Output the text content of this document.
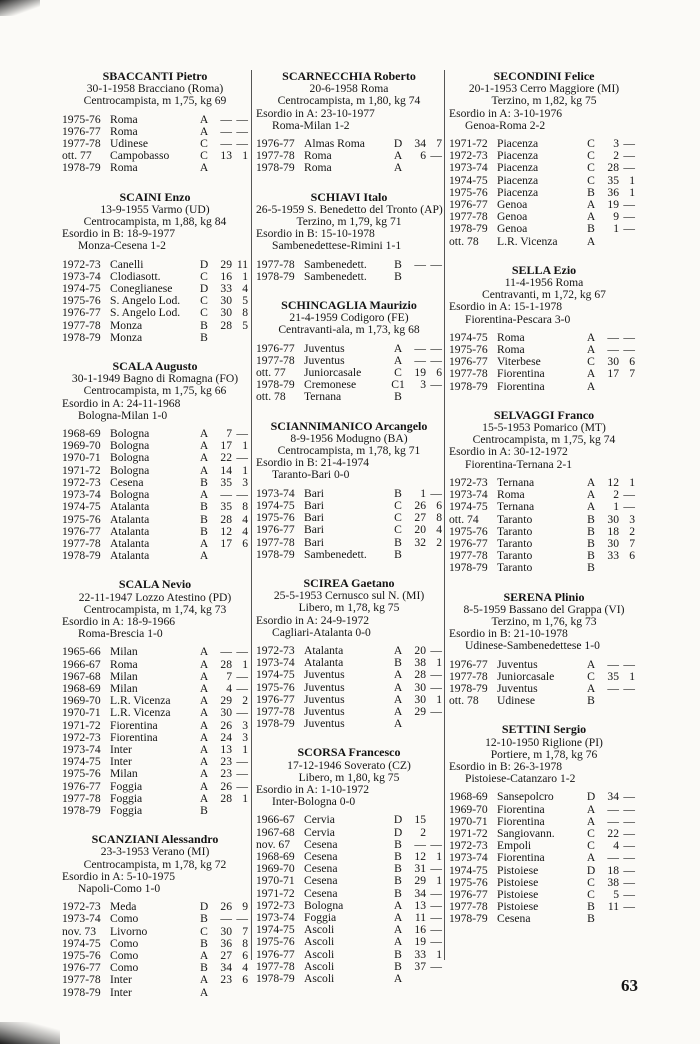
SBACCANTI Pietro
30-1-1958 Bracciano (Roma)
Centrocampista, m 1,75, kg 69
1975-76 Roma	A	— —
1976-77 Roma	A	— —
1977-78 Udinese	C	— —
ott. 77	Campobasso	C	13 1
1978-79 Roma	A
SCAINI Enzo
13-9-1955 Varmo (UD)
Centrocampista, m 1,88, kg 84
Esordio in B: 18-9-1977
Monza-Cesena 1-2
1972-73 Canelli	D	29 11
1973-74 Clodiasott.	C	16 1
1974-75 Coneglianese	D	33 4
1975-76 S. Angelo Lod.	C	30 5
1976-77 S. Angelo Lod.	C	30 8
1977-78 Monza	B	28 5
1978-79 Monza	B
SCALA Augusto
30-1-1949 Bagno di Romagna (FO)
Centrocampista, m 1,75, kg 66
Esordio in A: 24-11-1968
Bologna-Milan 1-0
1968-69 Bologna	A	7 —
1969-70 Bologna	A	17 1
1970-71 Bologna	A	22 —
1971-72 Bologna	A	14 1
1972-73 Cesena	B	35 3
1973-74 Bologna	A	— —
1974-75 Atalanta	B	35 8
1975-76 Atalanta	B	28 4
1976-77 Atalanta	B	12 4
1977-78 Atalanta	A	17 6
1978-79 Atalanta	A
SCALA Nevio
22-11-1947 Lozzo Atestino (PD)
Centrocampista, m 1,74, kg 73
Esordio in A: 18-9-1966
Roma-Brescia 1-0
1965-66 Milan	A	— —
1966-67 Roma	A	28 1
1967-68 Milan	A	7 —
1968-69 Milan	A	4 —
1969-70 L.R. Vicenza	A	29 2
1970-71 L.R. Vicenza	A	30 —
1971-72 Fiorentina	A	26 3
1972-73 Fiorentina	A	24 3
1973-74 Inter	A	13 1
1974-75 Inter	A	23 —
1975-76 Milan	A	23 —
1976-77 Foggia	A	26 —
1977-78 Foggia	A	28 1
1978-79 Foggia	B
SCANZIANI Alessandro
23-3-1953 Verano (MI)
Centrocampista, m 1,78, kg 72
Esordio in A: 5-10-1975
Napoli-Como 1-0
1972-73 Meda	D	26 9
1973-74 Como	B	— —
nov. 73	Livorno	C	30 7
1974-75 Como	B	36 8
1975-76 Como	A	27 6
1976-77 Como	B	34 4
1977-78 Inter	A	23 6
1978-79 Inter	A
SCARNECCHIA Roberto
20-6-1958 Roma
Centrocampista, m 1,80, kg 74
Esordio in A: 23-10-1977
Roma-Milan 1-2
1976-77 Almas Roma	D	34 7
1977-78 Roma	A	6 —
1978-79 Roma	A
SCHIAVI Italo
26-5-1959 S. Benedetto del Tronto (AP)
Terzino, m 1,79, kg 71
Esordio in B: 15-10-1978
Sambenedettese-Rimini 1-1
1977-78 Sambenedett.	B	— —
1978-79 Sambenedett.	B
SCHINCAGLIA Maurizio
21-4-1959 Codigoro (FE)
Centravanti-ala, m 1,73, kg 68
1976-77 Juventus	A	— —
1977-78 Juventus	A	— —
ott. 77	Juniorcasale	C	19 6
1978-79 Cremonese	C1	3 —
ott. 78	Ternana	B
SCIANNIMANICO Arcangelo
8-9-1956 Modugno (BA)
Centrocampista, m 1,78, kg 71
Esordio in B: 21-4-1974
Taranto-Bari 0-0
1973-74 Bari	B	1 —
1974-75 Bari	C	26 6
1975-76 Bari	C	27 8
1976-77 Bari	C	20 4
1977-78 Bari	B	32 2
1978-79 Sambenedett.	B
SCIREA Gaetano
25-5-1953 Cernusco sul N. (MI)
Libero, m 1,78, kg 75
Esordio in A: 24-9-1972
Cagliari-Atalanta 0-0
1972-73 Atalanta	A	20 —
1973-74 Atalanta	B	38 1
1974-75 Juventus	A	28 —
1975-76 Juventus	A	30 —
1976-77 Juventus	A	30 1
1977-78 Juventus	A	29 —
1978-79 Juventus	A
SCORSA Francesco
17-12-1946 Soverato (CZ)
Libero, m 1,80, kg 75
Esordio in A: 1-10-1972
Inter-Bologna 0-0
1966-67 Cervia	D	15
1967-68 Cervia	D	2
nov. 67	Cesena	B	— —
1968-69 Cesena	B	12 1
1969-70 Cesena	B	31 —
1970-71 Cesena	B	29 1
1971-72 Cesena	B	34 —
1972-73 Bologna	A	13 —
1973-74 Foggia	A	11 —
1974-75 Ascoli	A	16 —
1975-76 Ascoli	A	19 —
1976-77 Ascoli	B	33 1
1977-78 Ascoli	B	37 —
1978-79 Ascoli	A
SECONDINI Felice
20-1-1953 Cerro Maggiore (MI)
Terzino, m 1,82, kg 75
Esordio in A: 3-10-1976
Genoa-Roma 2-2
1971-72 Piacenza	C	3 —
1972-73 Piacenza	C	2 —
1973-74 Piacenza	C	28 —
1974-75 Piacenza	C	35 1
1975-76 Piacenza	B	36 1
1976-77 Genoa	A	19 —
1977-78 Genoa	A	9 —
1978-79 Genoa	B	1 —
ott. 78	L.R. Vicenza	A
SELLA Ezio
11-4-1956 Roma
Centravanti, m 1,72, kg 67
Esordio in A: 15-1-1978
Fiorentina-Pescara 3-0
1974-75 Roma	A	— —
1975-76 Roma	A	— —
1976-77 Viterbese	C	30 6
1977-78 Fiorentina	A	17 7
1978-79 Fiorentina	A
SELVAGGI Franco
15-5-1953 Pomarico (MT)
Centrocampista, m 1,75, kg 74
Esordio in A: 30-12-1972
Fiorentina-Ternana 2-1
1972-73 Ternana	A	12 1
1973-74 Roma	A	2 —
1974-75 Ternana	A	1 —
ott. 74	Taranto	B	30 3
1975-76 Taranto	B	18 2
1976-77 Taranto	B	30 7
1977-78 Taranto	B	33 6
1978-79 Taranto	B
SERENA Plinio
8-5-1959 Bassano del Grappa (VI)
Terzino, m 1,76, kg 73
Esordio in B: 21-10-1978
Udinese-Sambenedettese 1-0
1976-77 Juventus	A	— —
1977-78 Juniorcasale	C	35 1
1978-79 Juventus	A	— —
ott. 78	Udinese	B
SETTINI Sergio
12-10-1950 Riglione (PI)
Portiere, m 1,78, kg 76
Esordio in B: 26-3-1978
Pistoiese-Catanzaro 1-2
1968-69 Sansepolcro	D	34 —
1969-70 Fiorentina	A	— —
1970-71 Fiorentina	A	— —
1971-72 Sangiovann.	C	22 —
1972-73 Empoli	C	4 —
1973-74 Fiorentina	A	— —
1974-75 Pistoiese	D	18 —
1975-76 Pistoiese	C	38 —
1976-77 Pistoiese	C	5 —
1977-78 Pistoiese	B	11 —
1978-79 Cesena	B
63
